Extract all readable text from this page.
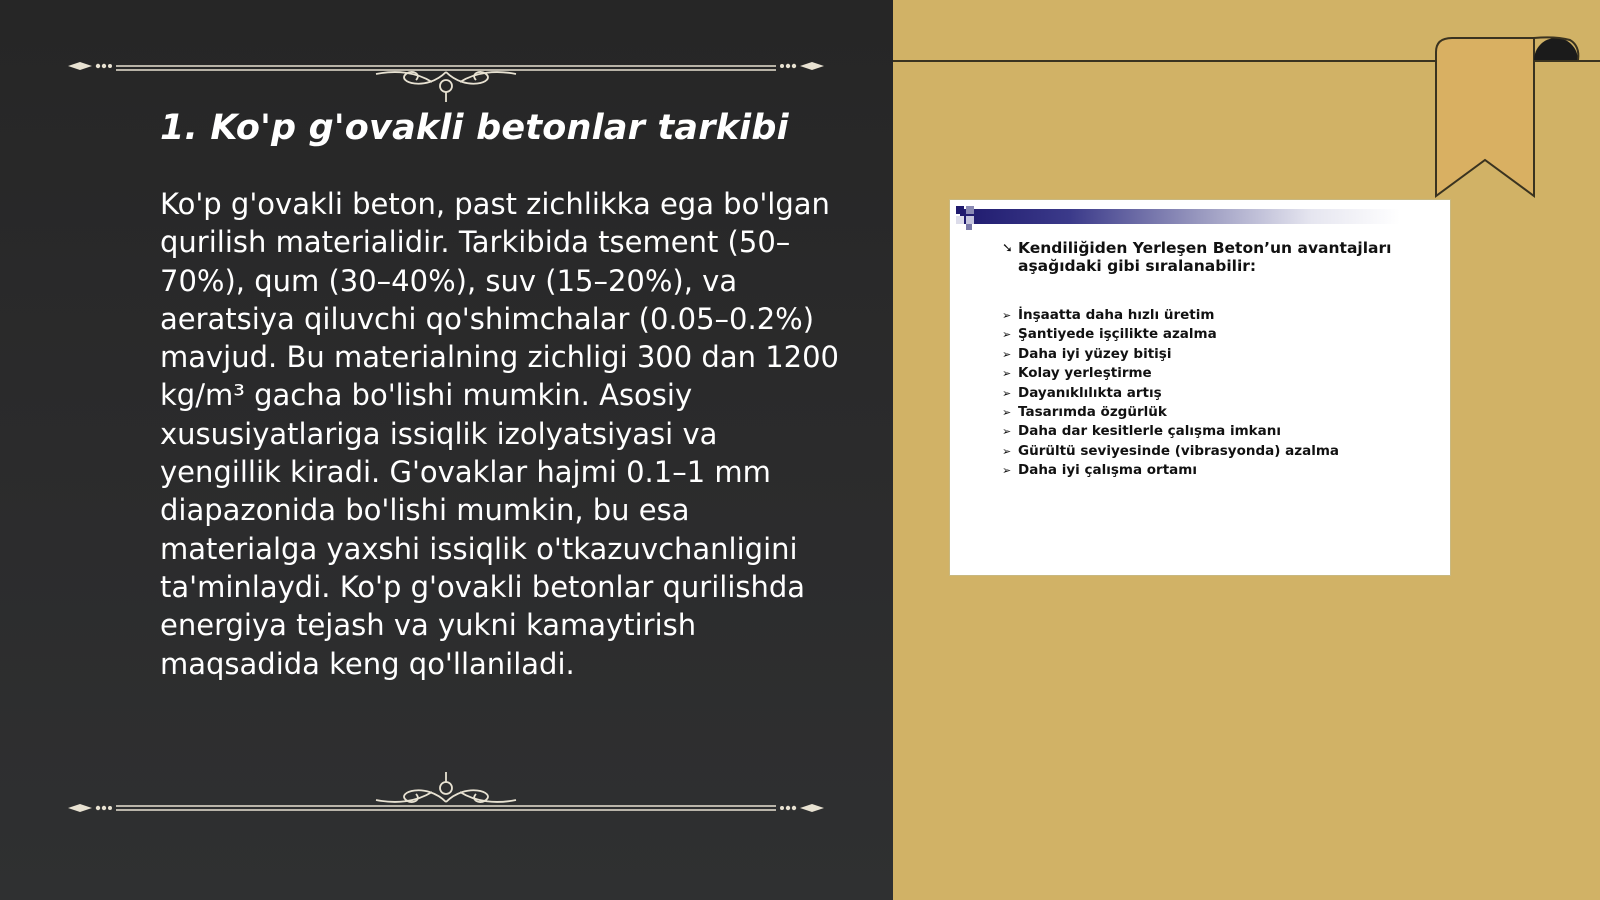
1. Ko'p g'ovakli betonlar tarkibi

Ko'p g'ovakli beton, past zichlikka ega bo'lgan qurilish materialidir. Tarkibida tsement (50–70%), qum (30–40%), suv (15–20%), va aeratsiya qiluvchi qo'shimchalar (0.05–0.2%) mavjud. Bu materialning zichligi 300 dan 1200 kg/m³ gacha bo'lishi mumkin. Asosiy xususiyatlariga issiqlik izolyatsiyasi va yengillik kiradi. G'ovaklar hajmi 0.1–1 mm diapazonida bo'lishi mumkin, bu esa materialga yaxshi issiqlik o'tkazuvchanligini ta'minlaydi. Ko'p g'ovakli betonlar qurilishda energiya tejash va yukni kamaytirish maqsadida keng qo'llaniladi.

➘ Kendiliğiden Yerleşen Beton’un avantajları aşağıdaki gibi sıralanabilir:

➢ İnşaatta daha hızlı üretim
➢ Şantiyede işçilikte azalma
➢ Daha iyi yüzey bitişi
➢ Kolay yerleştirme
➢ Dayanıklılıkta artış
➢ Tasarımda özgürlük
➢ Daha dar kesitlerle çalışma imkanı
➢ Gürültü seviyesinde (vibrasyonda) azalma
➢ Daha iyi çalışma ortamı
